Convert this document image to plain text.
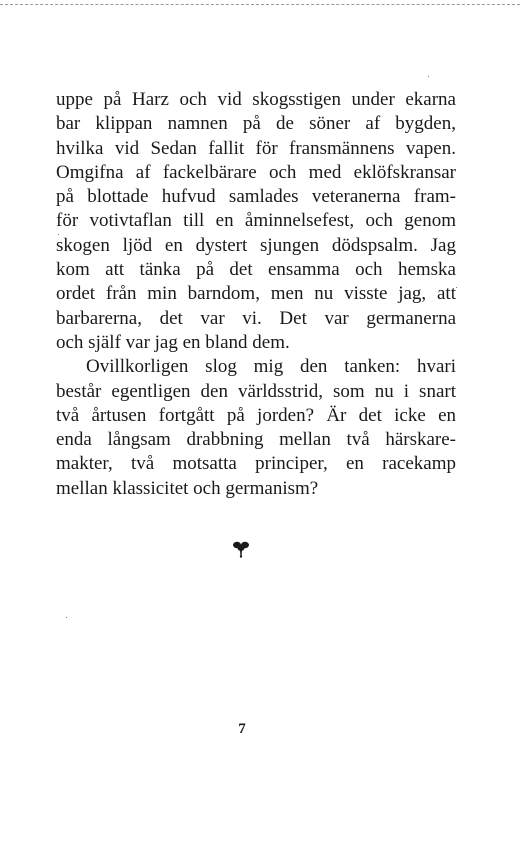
uppe på Harz och vid skogsstigen under ekarna
bar klippan namnen på de söner af bygden,
hvilka vid Sedan fallit för fransmännens vapen.
Omgifna af fackelbärare och med eklöfskransar
på blottade hufvud samlades veteranerna fram-
för votivtaflan till en åminnelsefest, och genom
skogen ljöd en dystert sjungen dödspsalm. Jag
kom att tänka på det ensamma och hemska
ordet från min barndom, men nu visste jag, att
barbarerna, det var vi. Det var germanerna
och själf var jag en bland dem.
Ovillkorligen slog mig den tanken: hvari
består egentligen den världsstrid, som nu i snart
två årtusen fortgått på jorden? Är det icke en
enda långsam drabbning mellan två härskare-
makter, två motsatta principer, en racekamp
mellan klassicitet och germanism?
7
